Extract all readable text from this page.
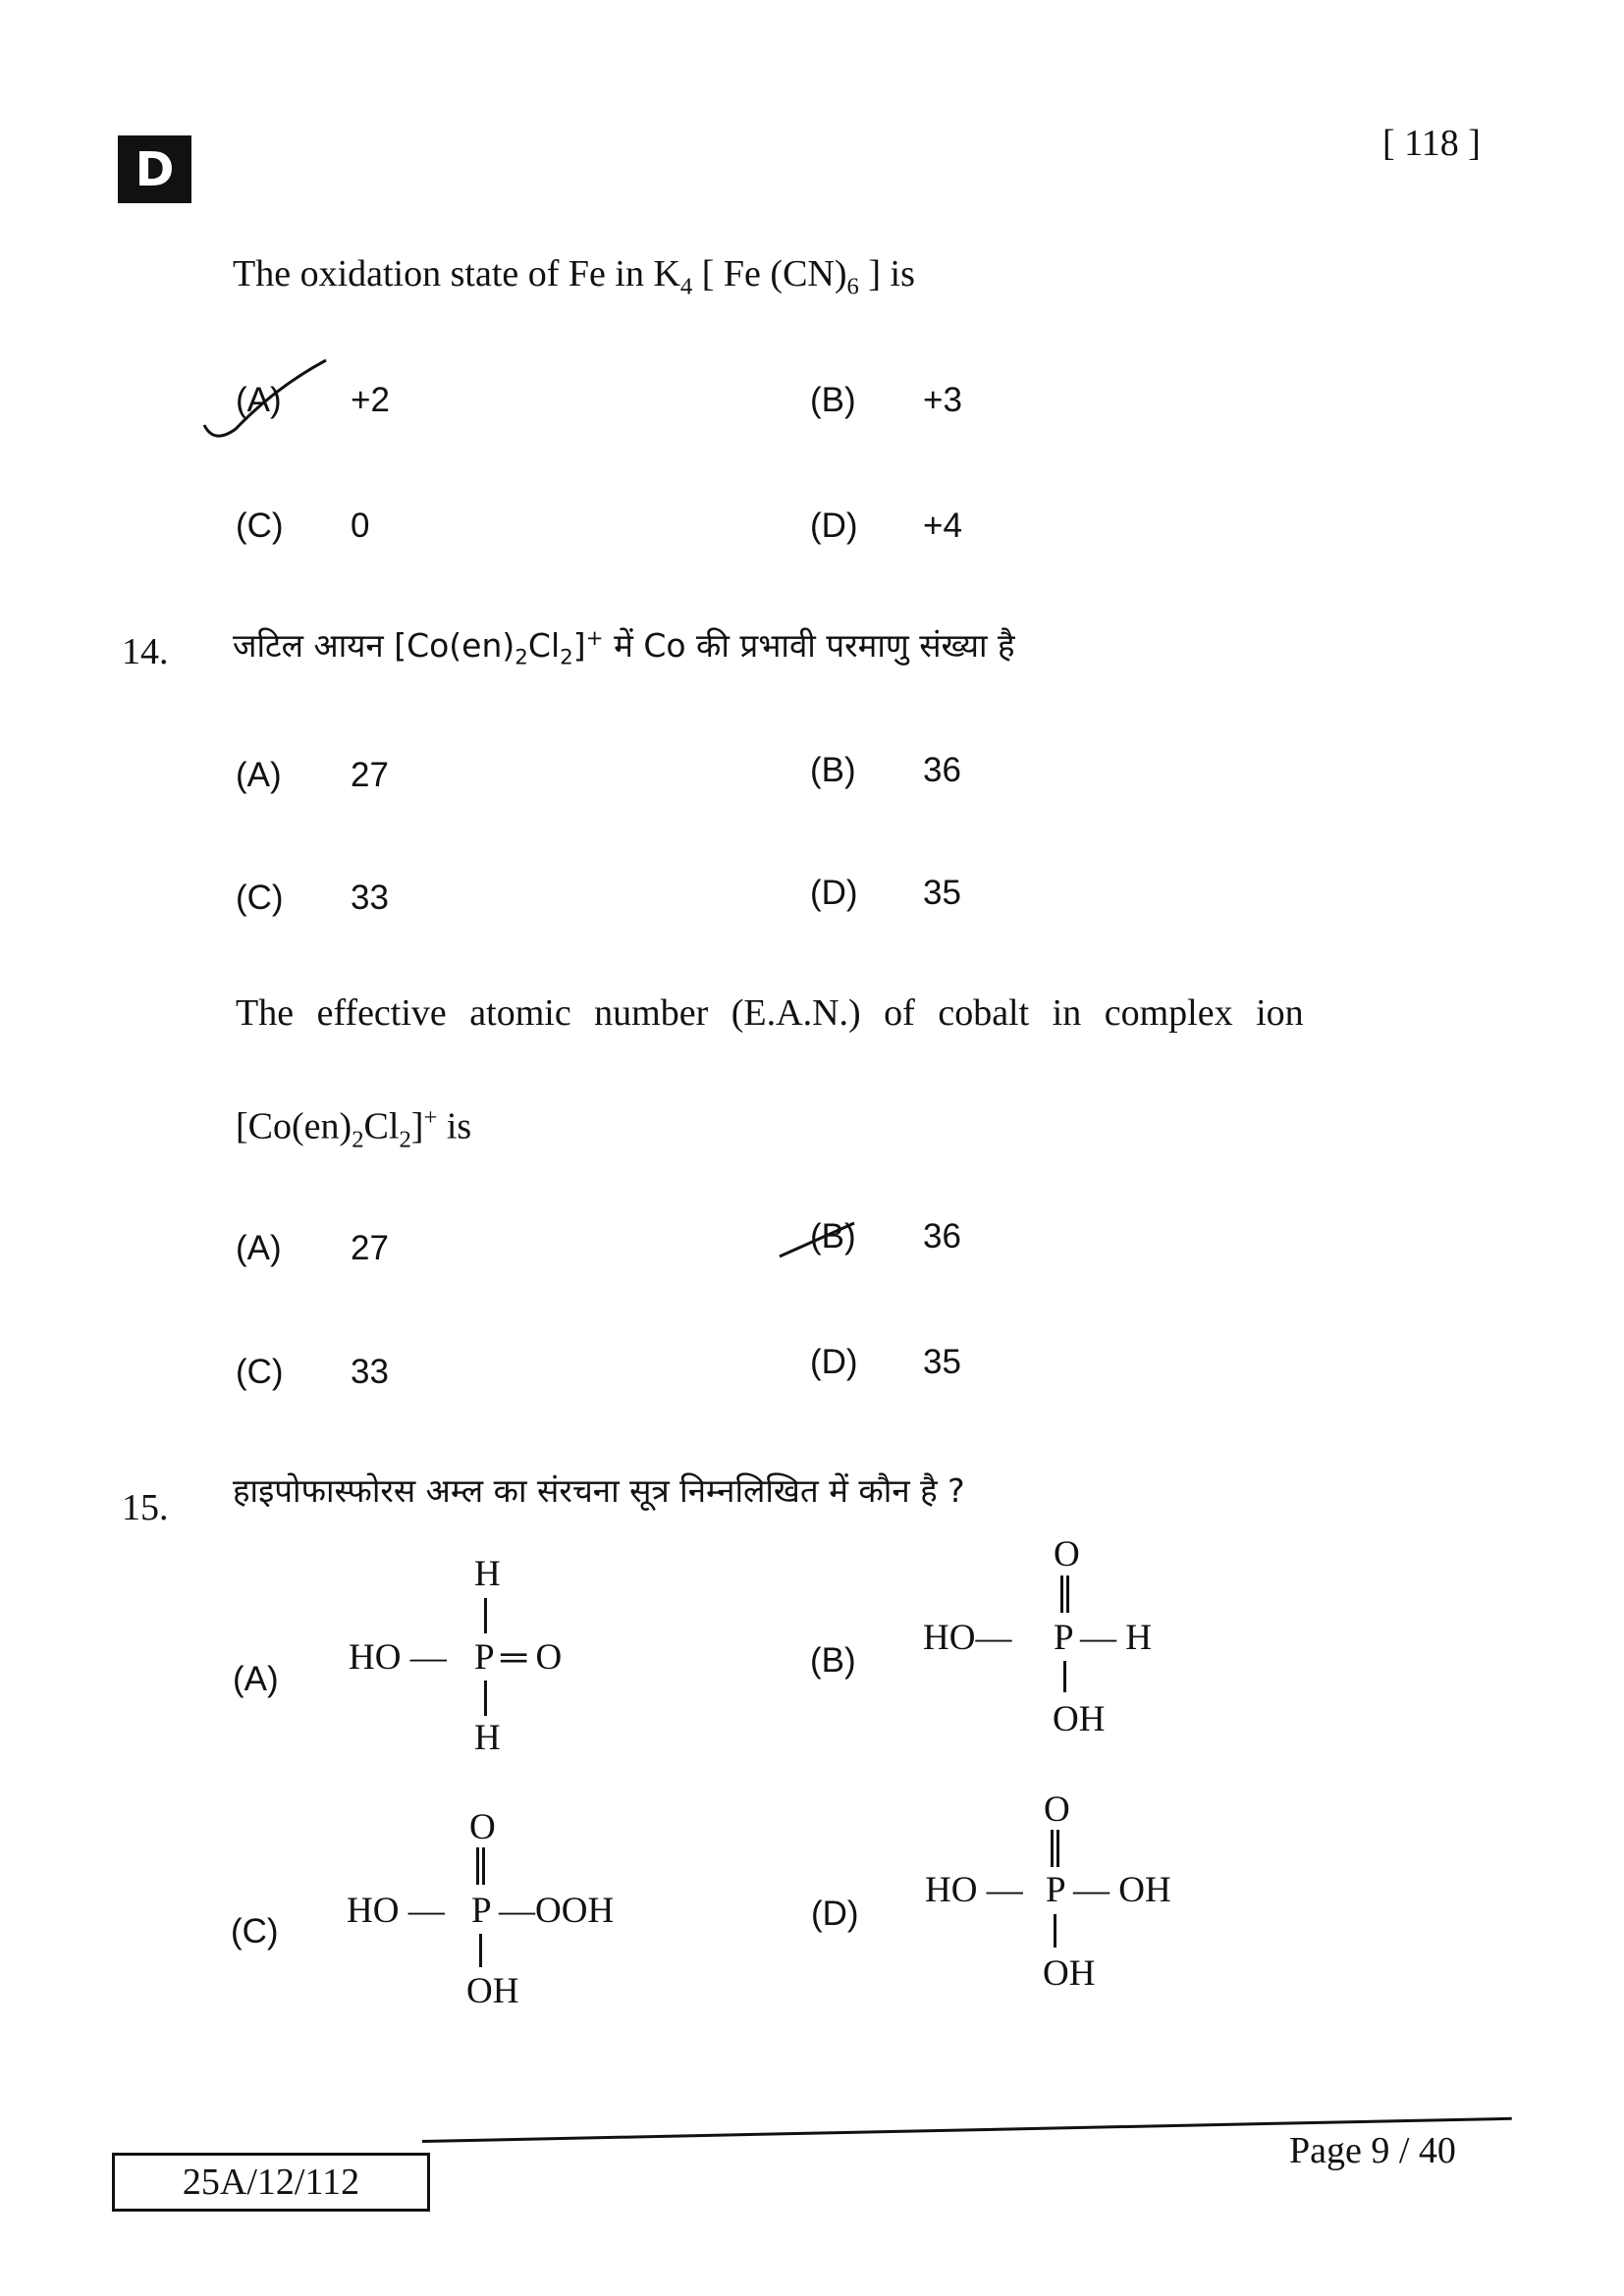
D	[ 118 ]
The oxidation state of Fe in $K_4$ [ Fe $(CN)_6$ ] is
(A) +2	(B) +3
(C) 0	(D) +4
14. जटिल आयन $[Co(en)_2Cl_2]^+$ में Co की प्रभावी परमाणु संख्या है
(A) 27	(B) 36
(C) 33	(D) 35
The effective atomic number (E.A.N.) of cobalt in complex ion
$[Co(en)_2Cl_2]^+$ is
(A) 27	(B) 36
(C) 33	(D) 35
15. हाइपोफास्फोरस अम्ल का संरचना सूत्र निम्नलिखित में कौन है ?
(A)
HO — P ═ O
H
H
(B)
HO— P — H
O
OH
(C)
HO — P —OOH
O
OH
(D)
HO — P — OH
O
OH
25A/12/112
Page 9 / 40
